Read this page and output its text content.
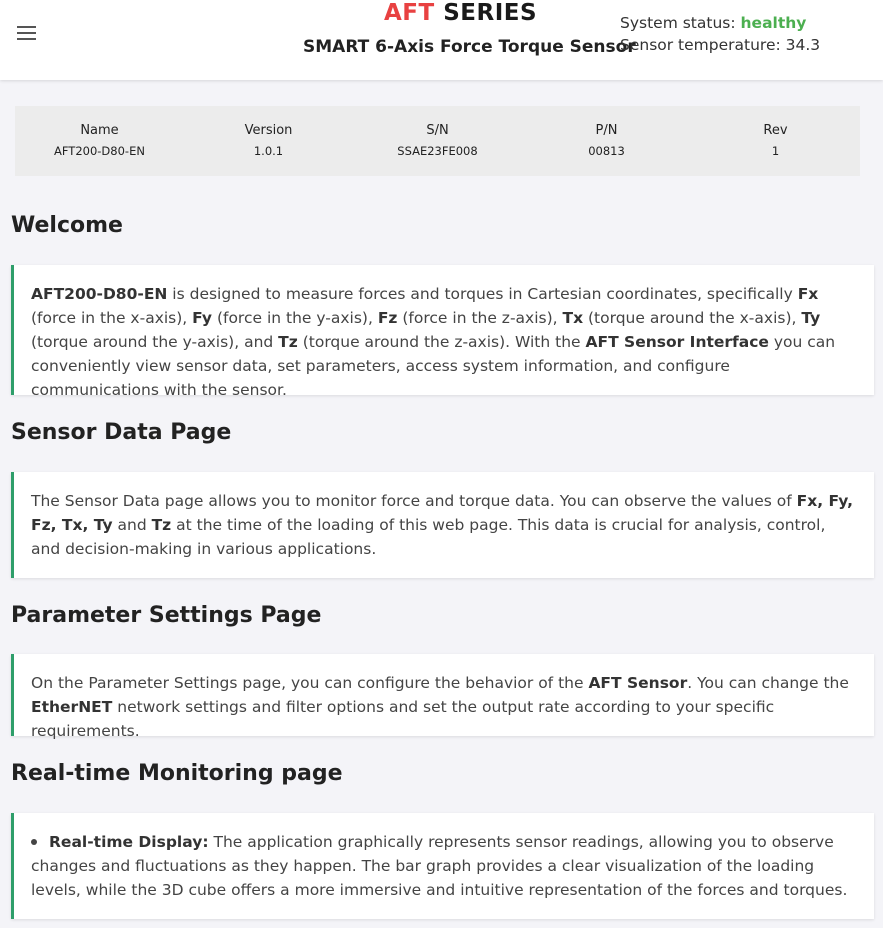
AFT SERIES
SMART 6-Axis Force Torque Sensor
System status: healthy
Sensor temperature: 34.3
Name
AFT200-D80-EN
Version
1.0.1
S/N
SSAE23FE008
P/N
00813
Rev
1
Welcome
AFT200-D80-EN is designed to measure forces and torques in Cartesian coordinates, specifically Fx (force in the x-axis), Fy (force in the y-axis), Fz (force in the z-axis), Tx (torque around the x-axis), Ty (torque around the y-axis), and Tz (torque around the z-axis). With the AFT Sensor Interface you can conveniently view sensor data, set parameters, access system information, and configure communications with the sensor.
Sensor Data Page
The Sensor Data page allows you to monitor force and torque data. You can observe the values of Fx, Fy, Fz, Tx, Ty and Tz at the time of the loading of this web page. This data is crucial for analysis, control, and decision-making in various applications.
Parameter Settings Page
On the Parameter Settings page, you can configure the behavior of the AFT Sensor. You can change the EtherNET network settings and filter options and set the output rate according to your specific requirements.
Real-time Monitoring page
Real-time Display: The application graphically represents sensor readings, allowing you to observe changes and fluctuations as they happen. The bar graph provides a clear visualization of the loading levels, while the 3D cube offers a more immersive and intuitive representation of the forces and torques.
